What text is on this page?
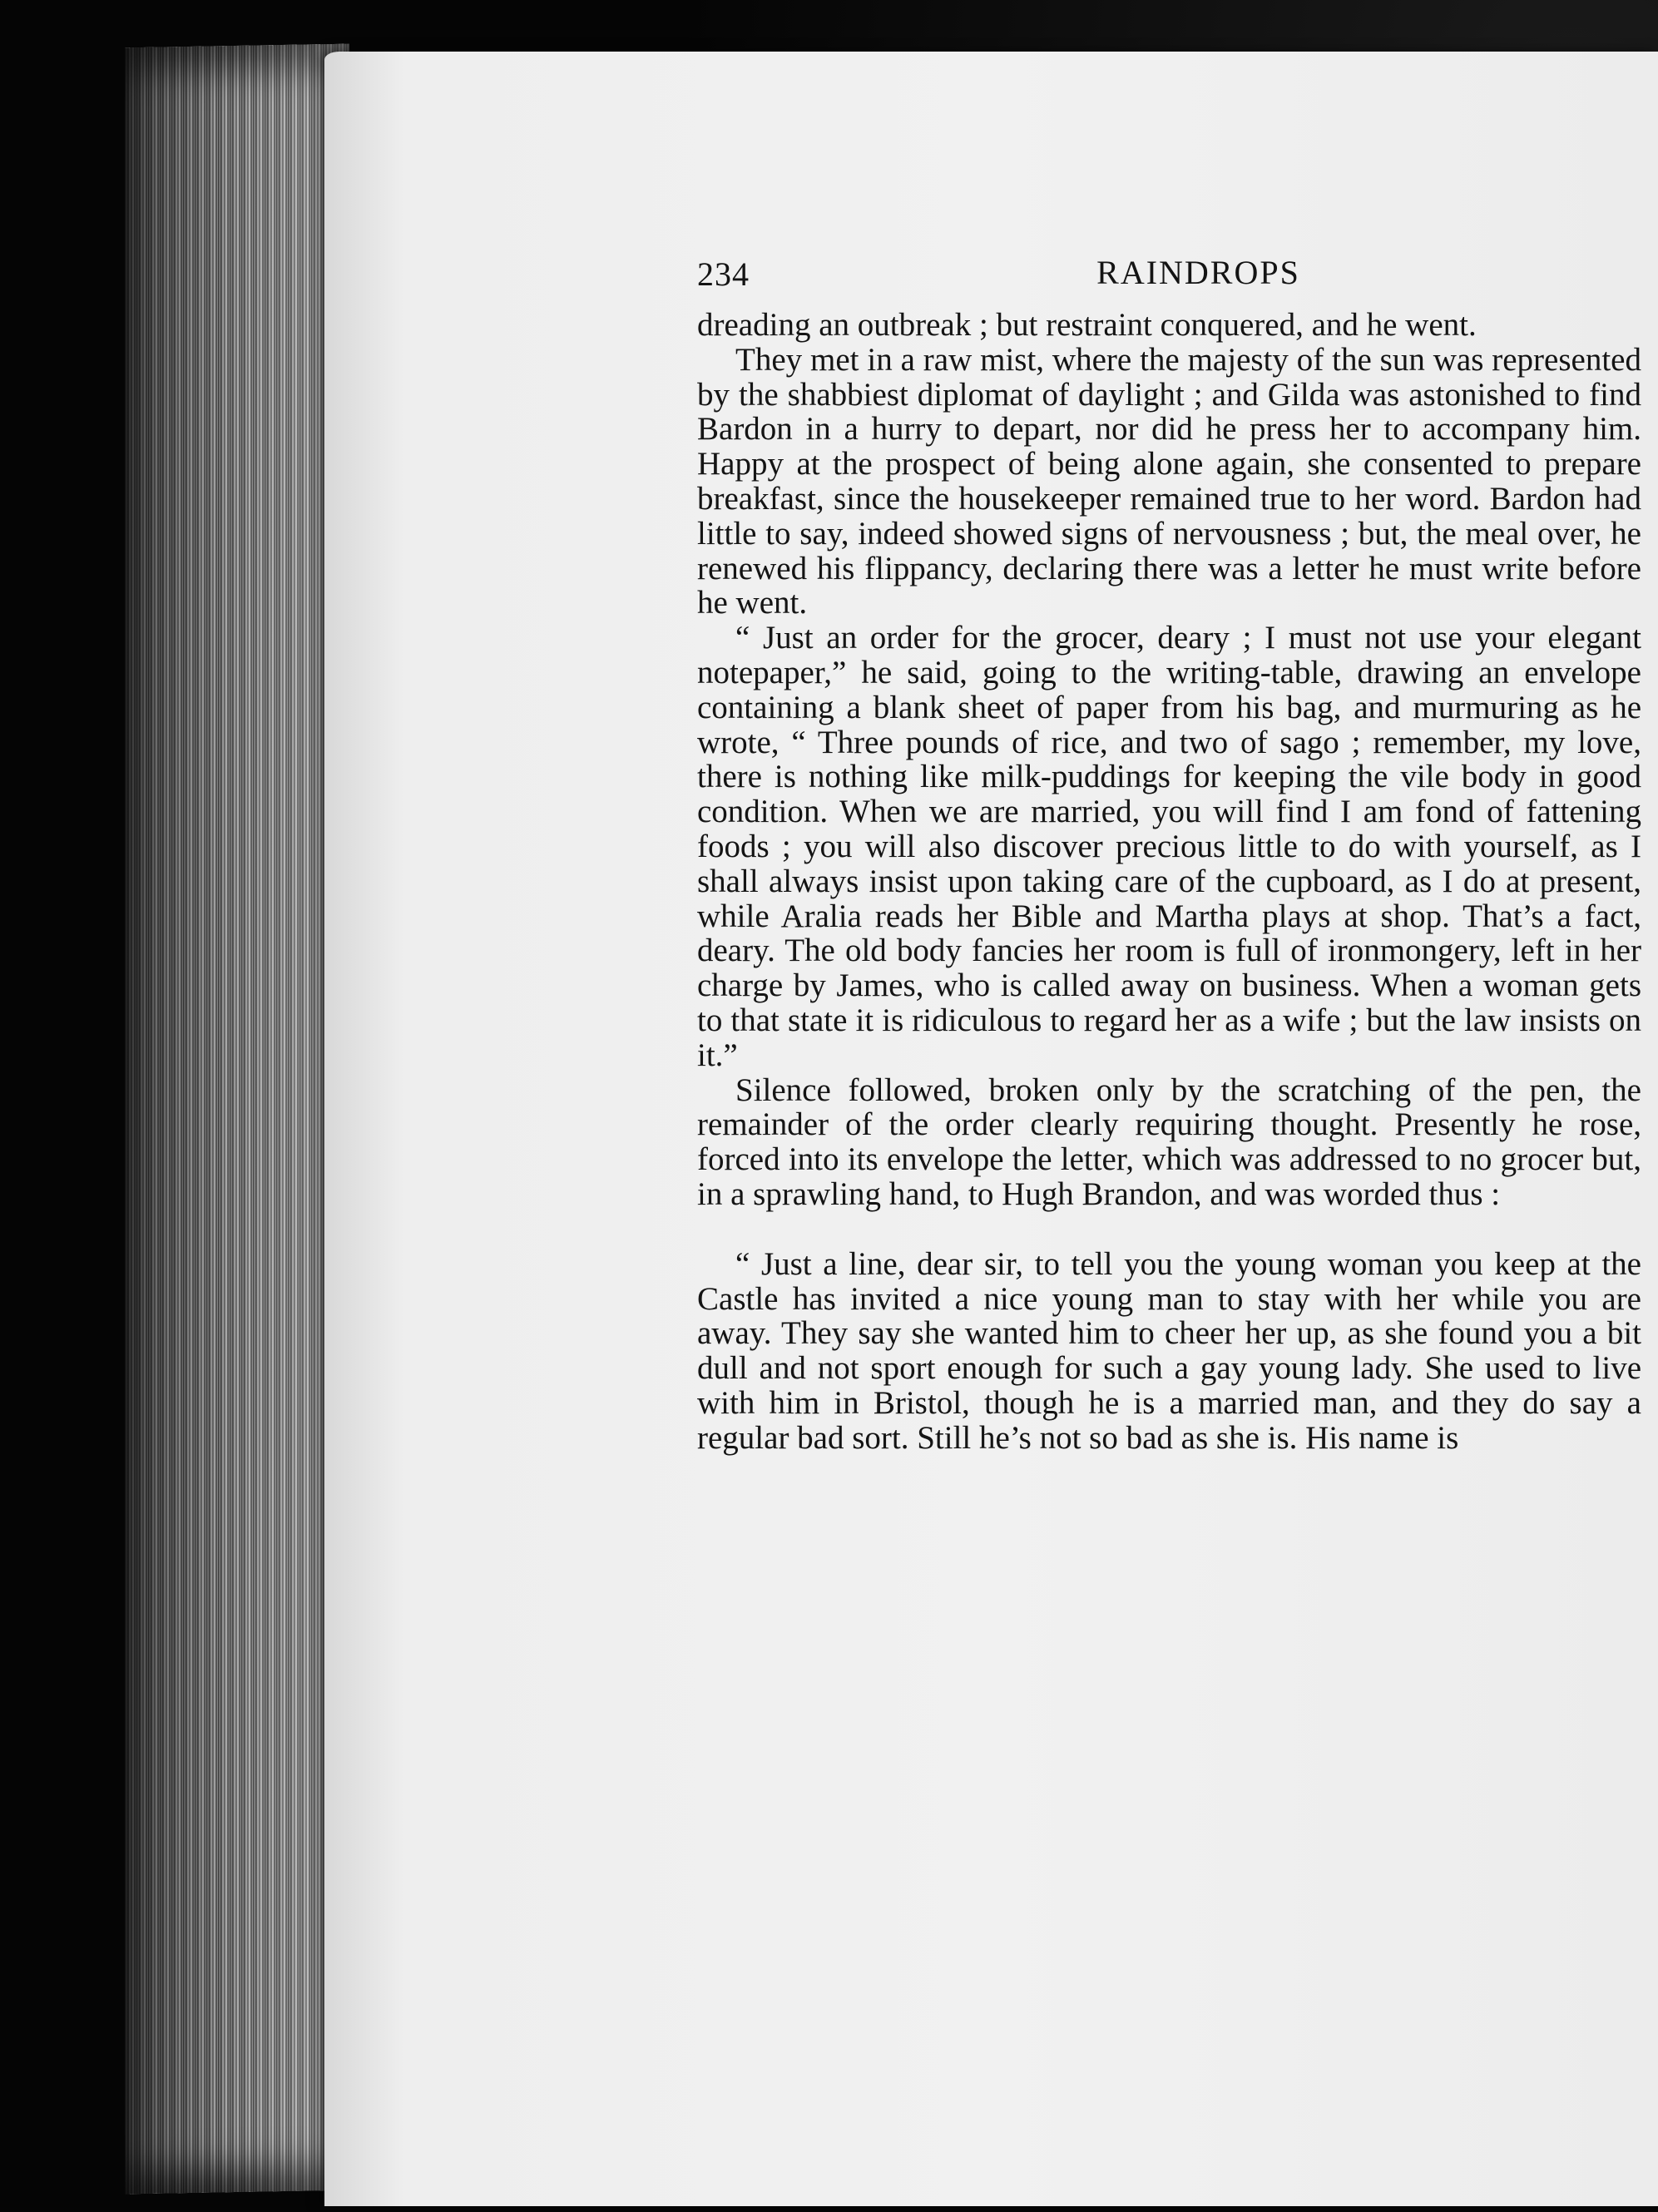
234	RAINDROPS

dreading an outbreak ; but restraint conquered, and he went.

They met in a raw mist, where the majesty of the sun was represented by the shabbiest diplomat of daylight ; and Gilda was astonished to find Bardon in a hurry to depart, nor did he press her to accompany him. Happy at the prospect of being alone again, she consented to prepare breakfast, since the housekeeper remained true to her word. Bardon had little to say, indeed showed signs of nervousness ; but, the meal over, he renewed his flippancy, declaring there was a letter he must write before he went.

“ Just an order for the grocer, deary ; I must not use your elegant notepaper,” he said, going to the writing-table, drawing an envelope containing a blank sheet of paper from his bag, and murmuring as he wrote, “ Three pounds of rice, and two of sago ; remember, my love, there is nothing like milk-puddings for keeping the vile body in good condition. When we are married, you will find I am fond of fattening foods ; you will also discover precious little to do with yourself, as I shall always insist upon taking care of the cupboard, as I do at present, while Aralia reads her Bible and Martha plays at shop. That’s a fact, deary. The old body fancies her room is full of ironmongery, left in her charge by James, who is called away on business. When a woman gets to that state it is ridiculous to regard her as a wife ; but the law insists on it.”

Silence followed, broken only by the scratching of the pen, the remainder of the order clearly requiring thought. Presently he rose, forced into its envelope the letter, which was addressed to no grocer but, in a sprawling hand, to Hugh Brandon, and was worded thus :

“ Just a line, dear sir, to tell you the young woman you keep at the Castle has invited a nice young man to stay with her while you are away. They say she wanted him to cheer her up, as she found you a bit dull and not sport enough for such a gay young lady. She used to live with him in Bristol, though he is a married man, and they do say a regular bad sort. Still he’s not so bad as she is. His name is
